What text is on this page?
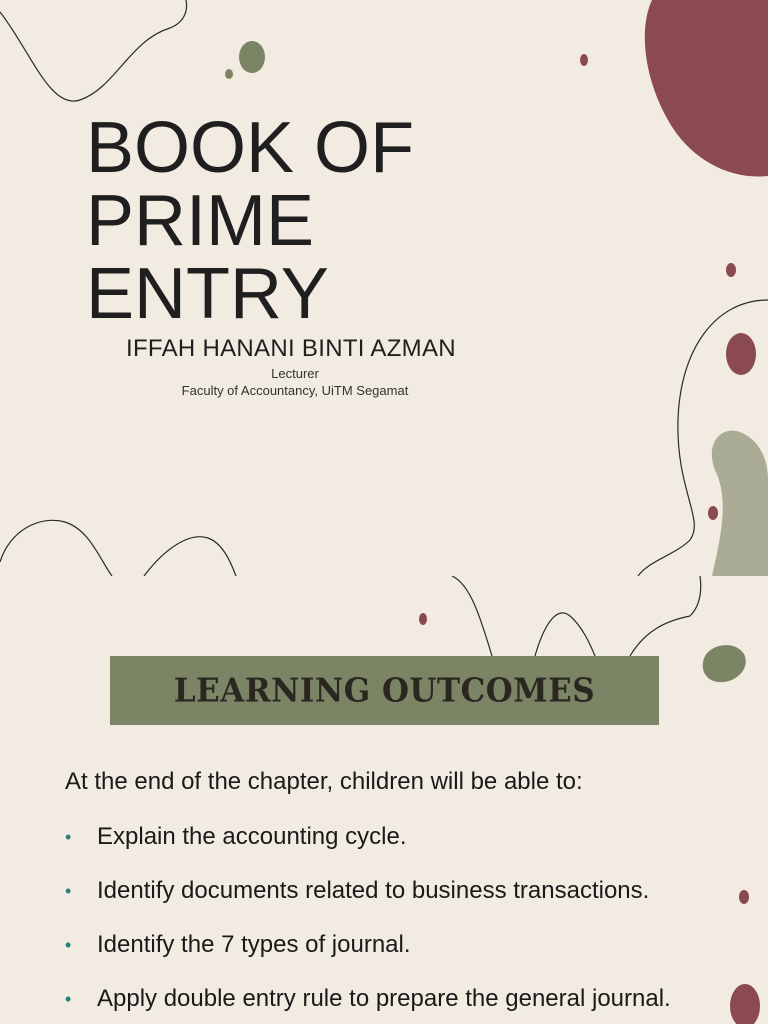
BOOK OF
PRIME
ENTRY
IFFAH HANANI BINTI AZMAN
Lecturer
Faculty of Accountancy, UiTM Segamat
LEARNING OUTCOMES
At the end of the chapter, children will be able to:
• Explain the accounting cycle.
• Identify documents related to business transactions.
• Identify the 7 types of journal.
• Apply double entry rule to prepare the general journal.
